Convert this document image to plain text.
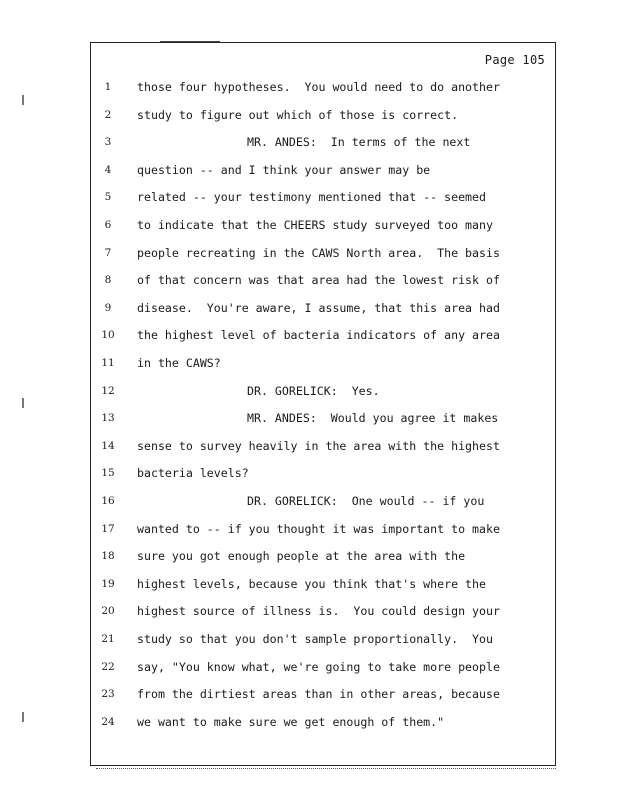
Page 105
1	those four hypotheses.  You would need to do another
2	study to figure out which of those is correct.
3	MR. ANDES:  In terms of the next
4	question -- and I think your answer may be
5	related -- your testimony mentioned that -- seemed
6	to indicate that the CHEERS study surveyed too many
7	people recreating in the CAWS North area.  The basis
8	of that concern was that area had the lowest risk of
9	disease.  You're aware, I assume, that this area had
10	the highest level of bacteria indicators of any area
11	in the CAWS?
12	DR. GORELICK:  Yes.
13	MR. ANDES:  Would you agree it makes
14	sense to survey heavily in the area with the highest
15	bacteria levels?
16	DR. GORELICK:  One would -- if you
17	wanted to -- if you thought it was important to make
18	sure you got enough people at the area with the
19	highest levels, because you think that's where the
20	highest source of illness is.  You could design your
21	study so that you don't sample proportionally.  You
22	say, "You know what, we're going to take more people
23	from the dirtiest areas than in other areas, because
24	we want to make sure we get enough of them."
